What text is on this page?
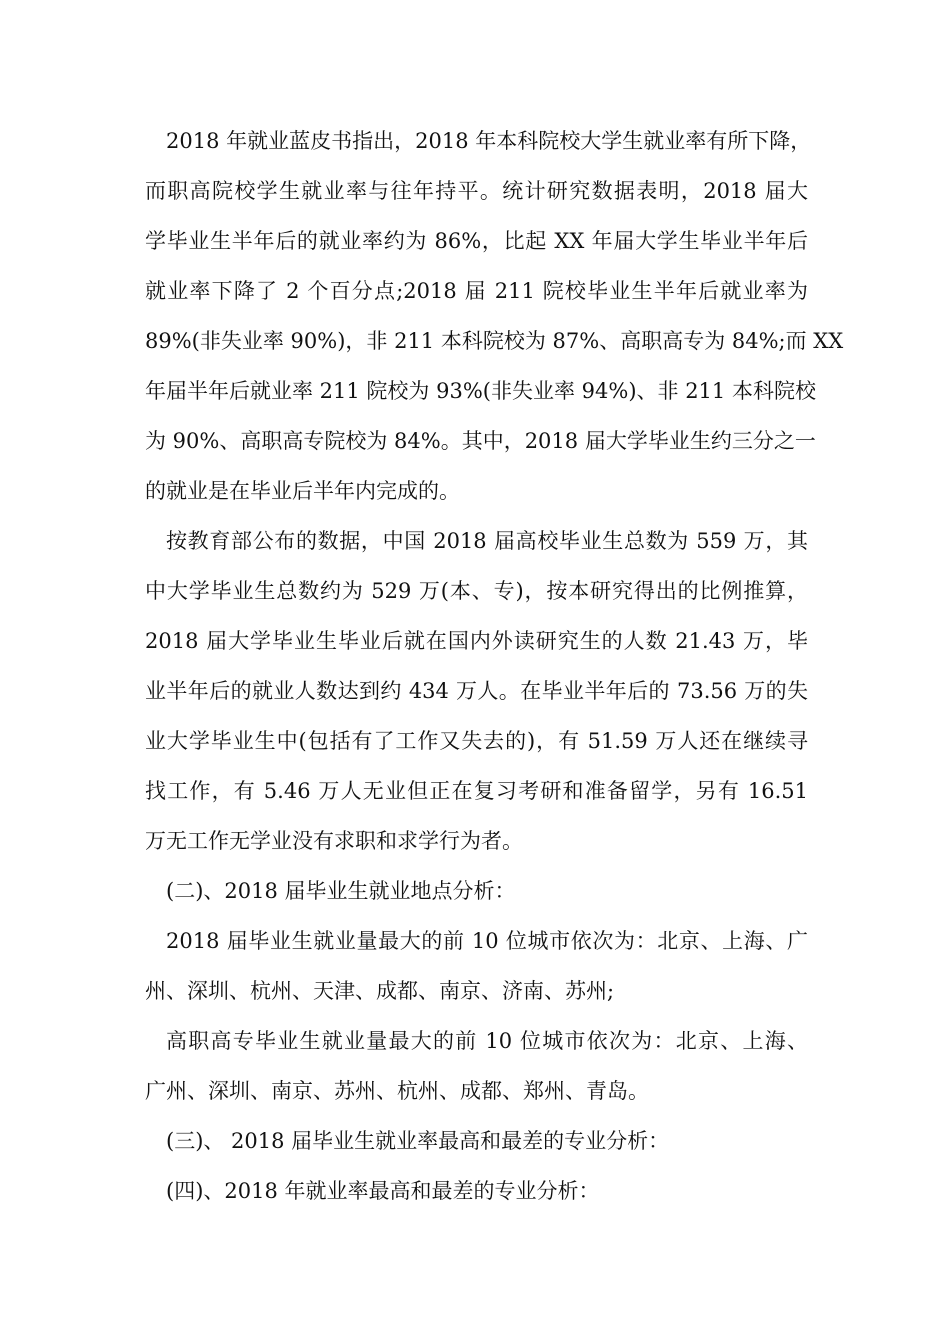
2018 年就业蓝皮书指出，2018 年本科院校大学生就业率有所下降，
而职高院校学生就业率与往年持平。统计研究数据表明，2018 届大
学毕业生半年后的就业率约为 86%，比起 XX 年届大学生毕业半年后
就业率下降了 2 个百分点;2018 届 211 院校毕业生半年后就业率为
89%(非失业率 90%)，非 211 本科院校为 87%、高职高专为 84%;而 XX
年届半年后就业率 211 院校为 93%(非失业率 94%)、非 211 本科院校
为 90%、高职高专院校为 84%。其中，2018 届大学毕业生约三分之一
的就业是在毕业后半年内完成的。
按教育部公布的数据，中国 2018 届高校毕业生总数为 559 万，其
中大学毕业生总数约为 529 万(本、专)，按本研究得出的比例推算，
2018 届大学毕业生毕业后就在国内外读研究生的人数 21.43 万，毕
业半年后的就业人数达到约 434 万人。在毕业半年后的 73.56 万的失
业大学毕业生中(包括有了工作又失去的)，有 51.59 万人还在继续寻
找工作，有 5.46 万人无业但正在复习考研和准备留学，另有 16.51
万无工作无学业没有求职和求学行为者。
(二)、2018 届毕业生就业地点分析：
2018 届毕业生就业量最大的前 10 位城市依次为：北京、上海、广
州、深圳、杭州、天津、成都、南京、济南、苏州;
高职高专毕业生就业量最大的前 10 位城市依次为：北京、上海、
广州、深圳、南京、苏州、杭州、成都、郑州、青岛。
(三)、 2018 届毕业生就业率最高和最差的专业分析：
(四)、2018 年就业率最高和最差的专业分析：
